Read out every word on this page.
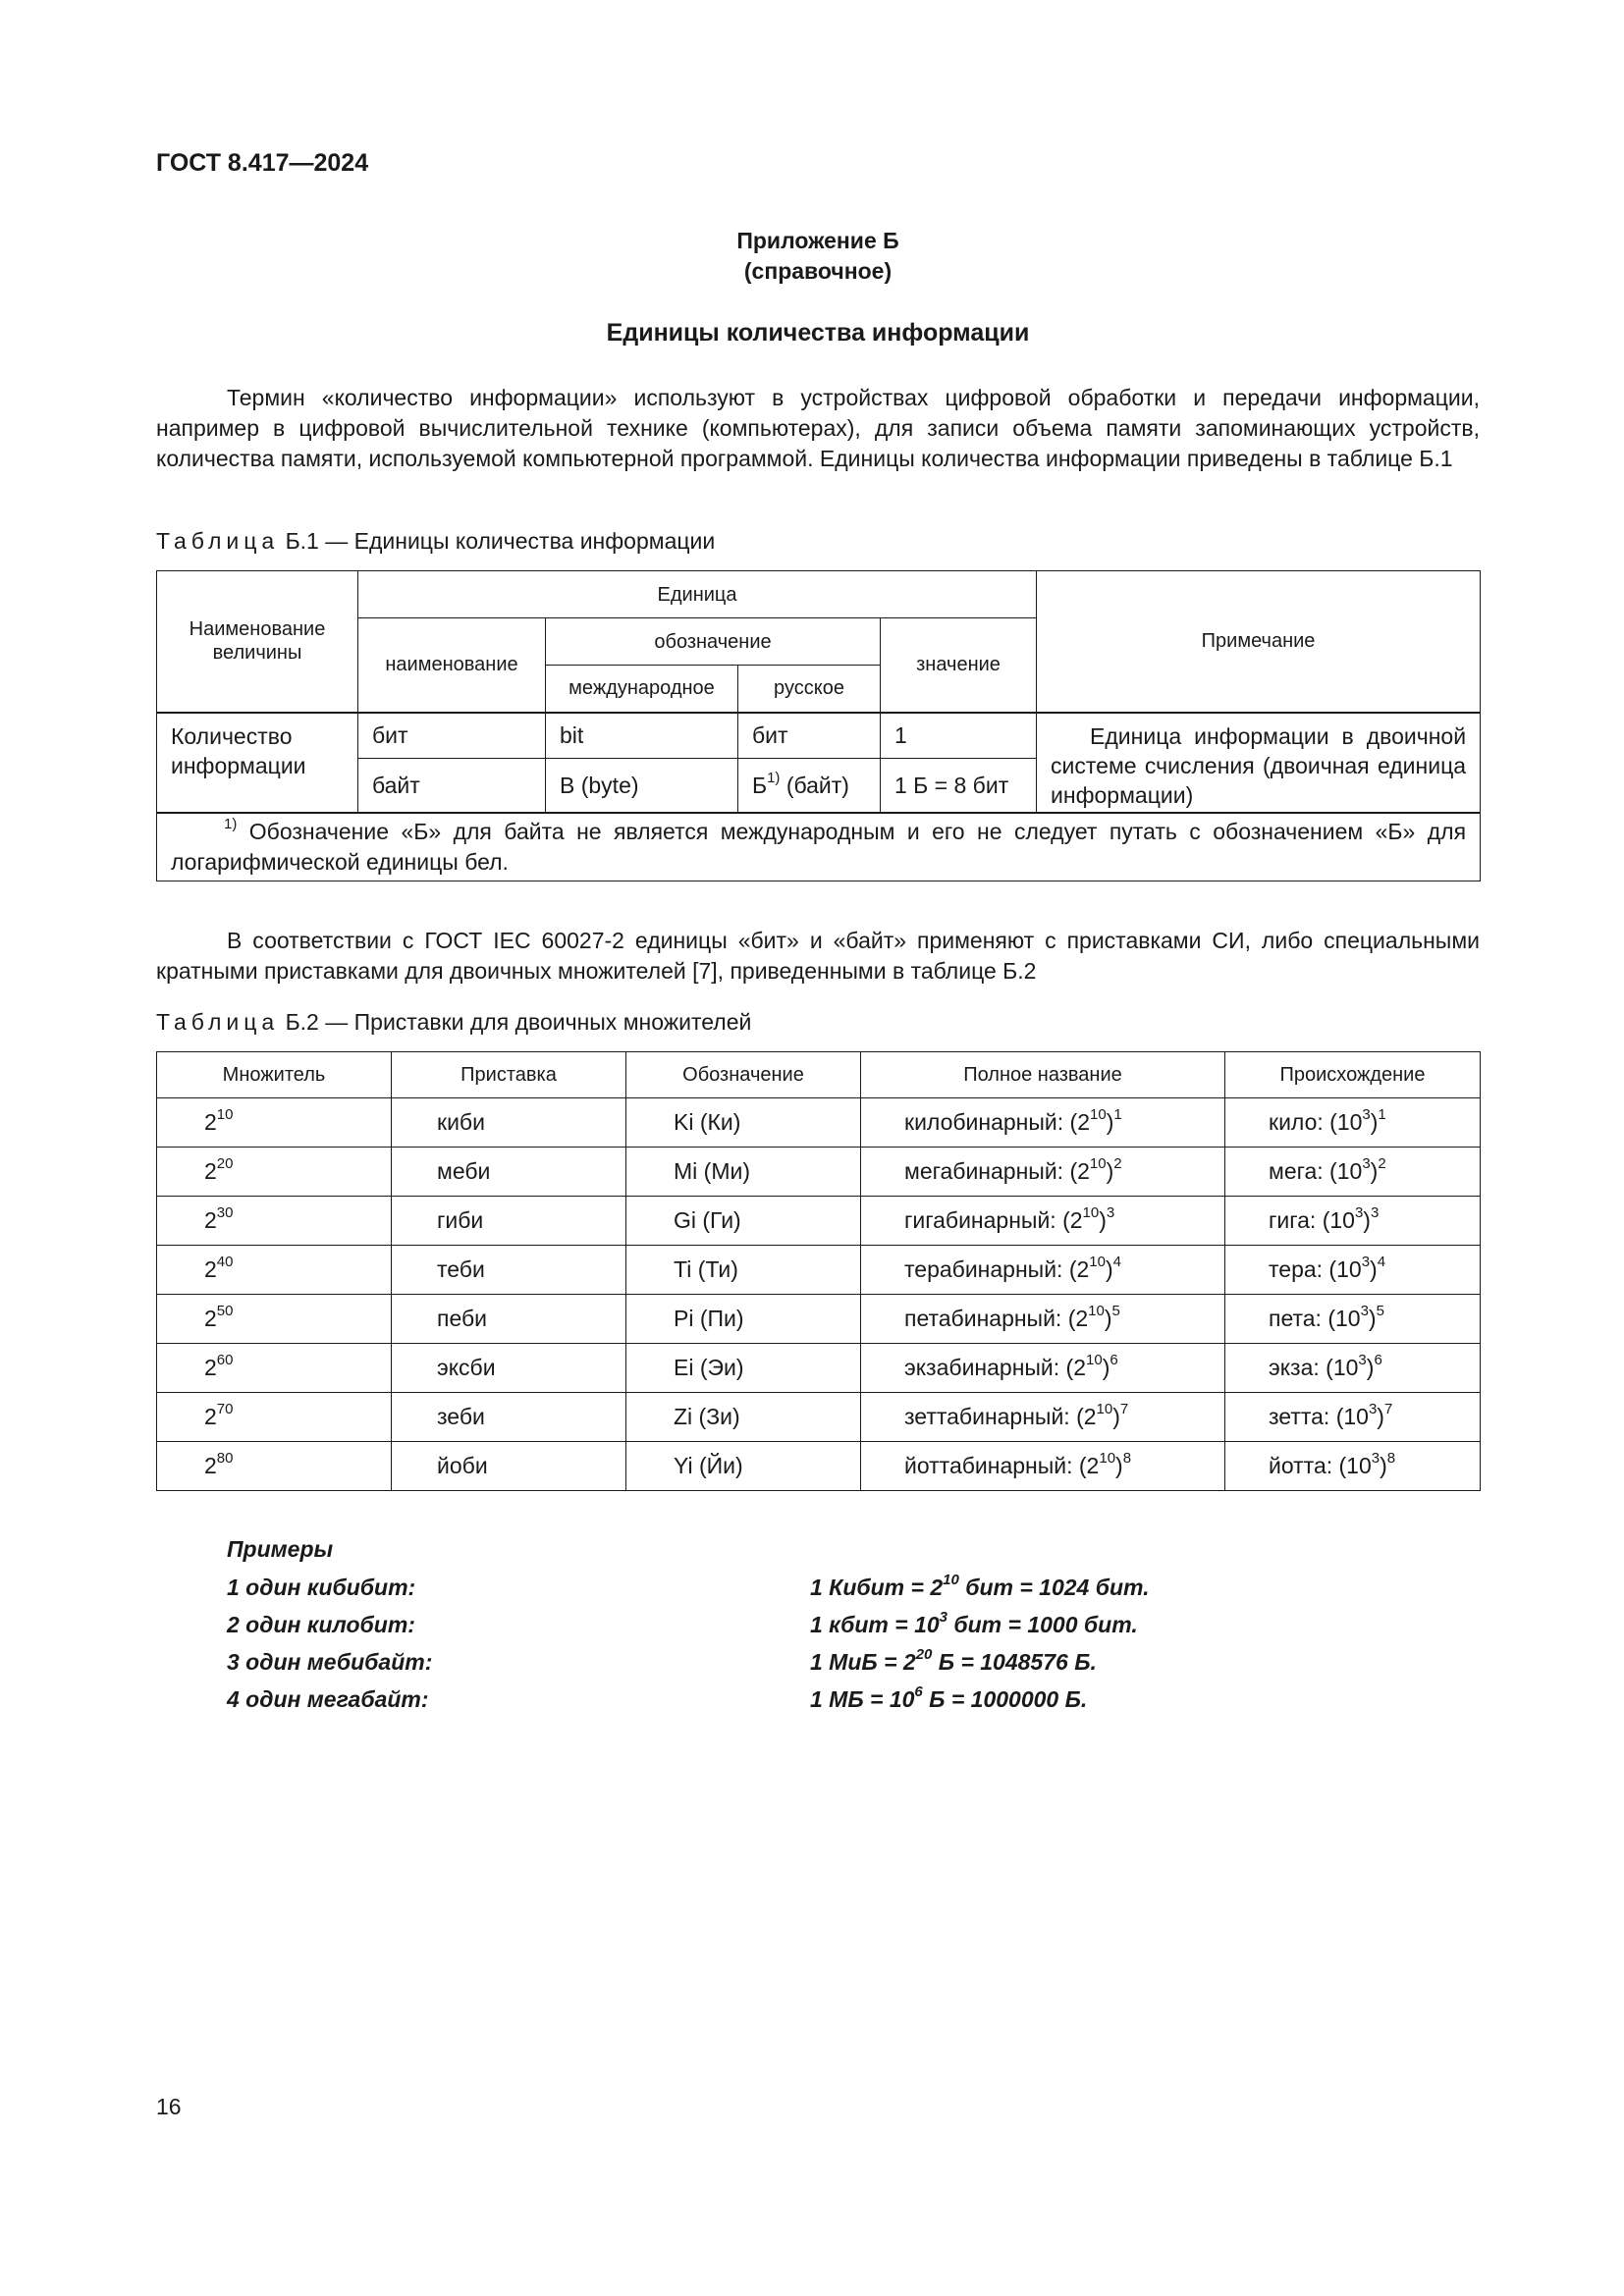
ГОСТ 8.417—2024
Приложение Б
(справочное)
Единицы количества информации
Термин «количество информации» используют в устройствах цифровой обработки и передачи информации, например в цифровой вычислительной технике (компьютерах), для записи объема памяти запоминающих устройств, количества памяти, используемой компьютерной программой. Единицы количества информации приведены в таблице Б.1
Таблица Б.1 — Единицы количества информации
Наименование величины	Единица				Примечание
	наименование	обозначение		значение	
		международное	русское		
Количество информации	бит	bit	бит	1	Единица информации в двоичной системе счисления (двоичная единица информации)
	байт	B (byte)	$Б^{1)}$ (байт)	1 Б = 8 бит	
$^{1)}$ Обозначение «Б» для байта не является международным и его не следует путать с обозначением «Б» для логарифмической единицы бел.					
В соответствии с ГОСТ IEC 60027-2 единицы «бит» и «байт» применяют с приставками СИ, либо специальными кратными приставками для двоичных множителей [7], приведенными в таблице Б.2
Таблица Б.2 — Приставки для двоичных множителей
Множитель	Приставка	Обозначение	Полное название	Происхождение
$2^{10}$	киби	Ki (Ки)	килобинарный: $(2^{10})^1$	кило: $(10^3)^1$
$2^{20}$	меби	Mi (Ми)	мегабинарный: $(2^{10})^2$	мега: $(10^3)^2$
$2^{30}$	гиби	Gi (Ги)	гигабинарный: $(2^{10})^3$	гига: $(10^3)^3$
$2^{40}$	теби	Ti (Ти)	терабинарный: $(2^{10})^4$	тера: $(10^3)^4$
$2^{50}$	пеби	Pi (Пи)	петабинарный: $(2^{10})^5$	пета: $(10^3)^5$
$2^{60}$	эксби	Ei (Эи)	экзабинарный: $(2^{10})^6$	экза: $(10^3)^6$
$2^{70}$	зеби	Zi (Зи)	зеттабинарный: $(2^{10})^7$	зетта: $(10^3)^7$
$2^{80}$	йоби	Yi (Йи)	йоттабинарный: $(2^{10})^8$	йотта: $(10^3)^8$
Примеры
1 один кибибит:	1 Кибит = $2^{10}$ бит = 1024 бит.
2 один килобит:	1 кбит = $10^3$ бит = 1000 бит.
3 один мебибайт:	1 МиБ = $2^{20}$ Б = 1048576 Б.
4 один мегабайт:	1 МБ = $10^6$ Б = 1000000 Б.
16
